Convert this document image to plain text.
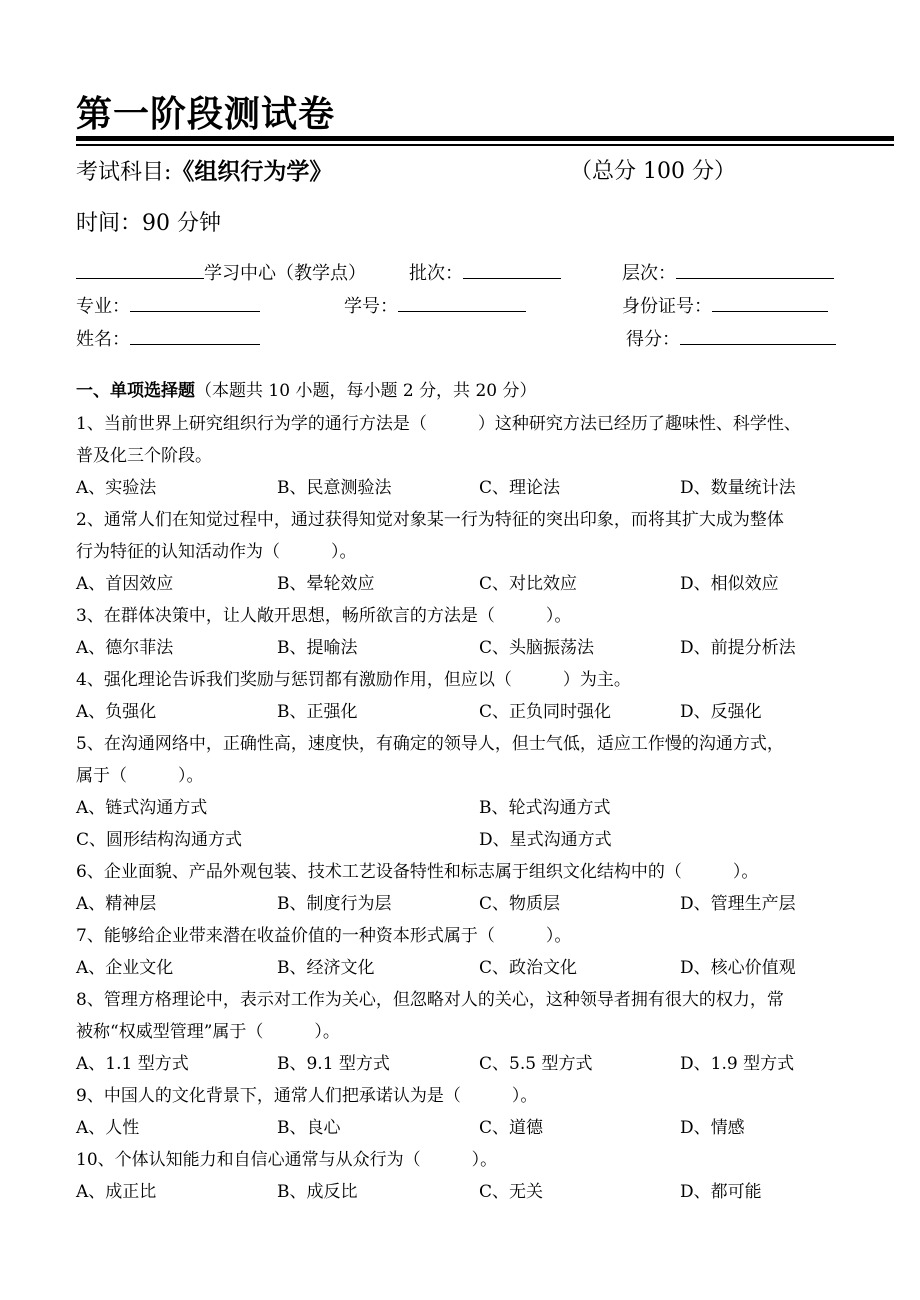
第一阶段测试卷
考试科目:《组织行为学》	（总分 100 分）
时间：90 分钟
学习中心（教学点） 批次：	层次：
专业：	学号：	身份证号：
姓名：	得分：
一、单项选择题（本题共 10 小题，每小题 2 分，共 20 分）
1、当前世界上研究组织行为学的通行方法是（　　　）这种研究方法已经历了趣味性、科学性、
普及化三个阶段。
A、实验法	B、民意测验法	C、理论法	D、数量统计法
2、通常人们在知觉过程中，通过获得知觉对象某一行为特征的突出印象，而将其扩大成为整体
行为特征的认知活动作为（　　　）。
A、首因效应	B、晕轮效应	C、对比效应	D、相似效应
3、在群体决策中，让人敞开思想，畅所欲言的方法是（　　　）。
A、德尔菲法	B、提喻法	C、头脑振荡法	D、前提分析法
4、强化理论告诉我们奖励与惩罚都有激励作用，但应以（　　　）为主。
A、负强化	B、正强化	C、正负同时强化	D、反强化
5、在沟通网络中，正确性高，速度快，有确定的领导人，但士气低，适应工作慢的沟通方式，
属于（　　　）。
A、链式沟通方式	B、轮式沟通方式
C、圆形结构沟通方式	D、星式沟通方式
6、企业面貌、产品外观包装、技术工艺设备特性和标志属于组织文化结构中的（　　　）。
A、精神层	B、制度行为层	C、物质层	D、管理生产层
7、能够给企业带来潜在收益价值的一种资本形式属于（　　　）。
A、企业文化	B、经济文化	C、政治文化	D、核心价值观
8、管理方格理论中，表示对工作为关心，但忽略对人的关心，这种领导者拥有很大的权力，常
被称“权威型管理”属于（　　　）。
A、1.1 型方式	B、9.1 型方式	C、5.5 型方式	D、1.9 型方式
9、中国人的文化背景下，通常人们把承诺认为是（　　　）。
A、人性	B、良心	C、道德	D、情感
10、个体认知能力和自信心通常与从众行为（　　　）。
A、成正比	B、成反比	C、无关	D、都可能
